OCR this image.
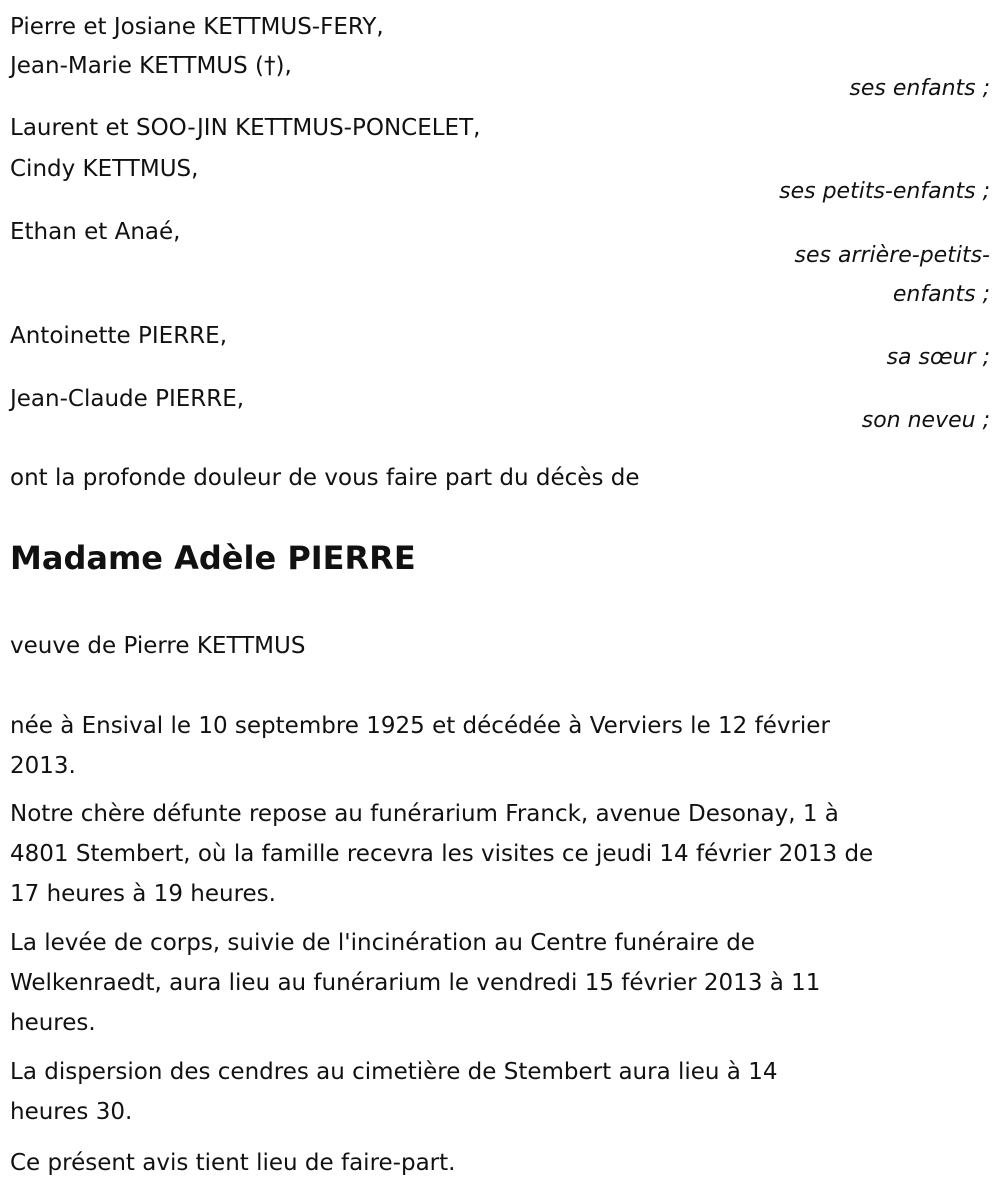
Pierre et Josiane KETTMUS-FERY,
Jean-Marie KETTMUS (†),
ses enfants ;
Laurent et SOO-JIN KETTMUS-PONCELET,
Cindy KETTMUS,
ses petits-enfants ;
Ethan et Anaé,
ses arrière-petits-
enfants ;
Antoinette PIERRE,
sa sœur ;
Jean-Claude PIERRE,
son neveu ;
ont la profonde douleur de vous faire part du décès de
Madame Adèle PIERRE
veuve de Pierre KETTMUS
née à Ensival le 10 septembre 1925 et décédée à Verviers le 12 février
2013.
Notre chère défunte repose au funérarium Franck, avenue Desonay, 1 à
4801 Stembert, où la famille recevra les visites ce jeudi 14 février 2013 de
17 heures à 19 heures.
La levée de corps, suivie de l'incinération au Centre funéraire de
Welkenraedt, aura lieu au funérarium le vendredi 15 février 2013 à 11
heures.
La dispersion des cendres au cimetière de Stembert aura lieu à 14
heures 30.
Ce présent avis tient lieu de faire-part.
